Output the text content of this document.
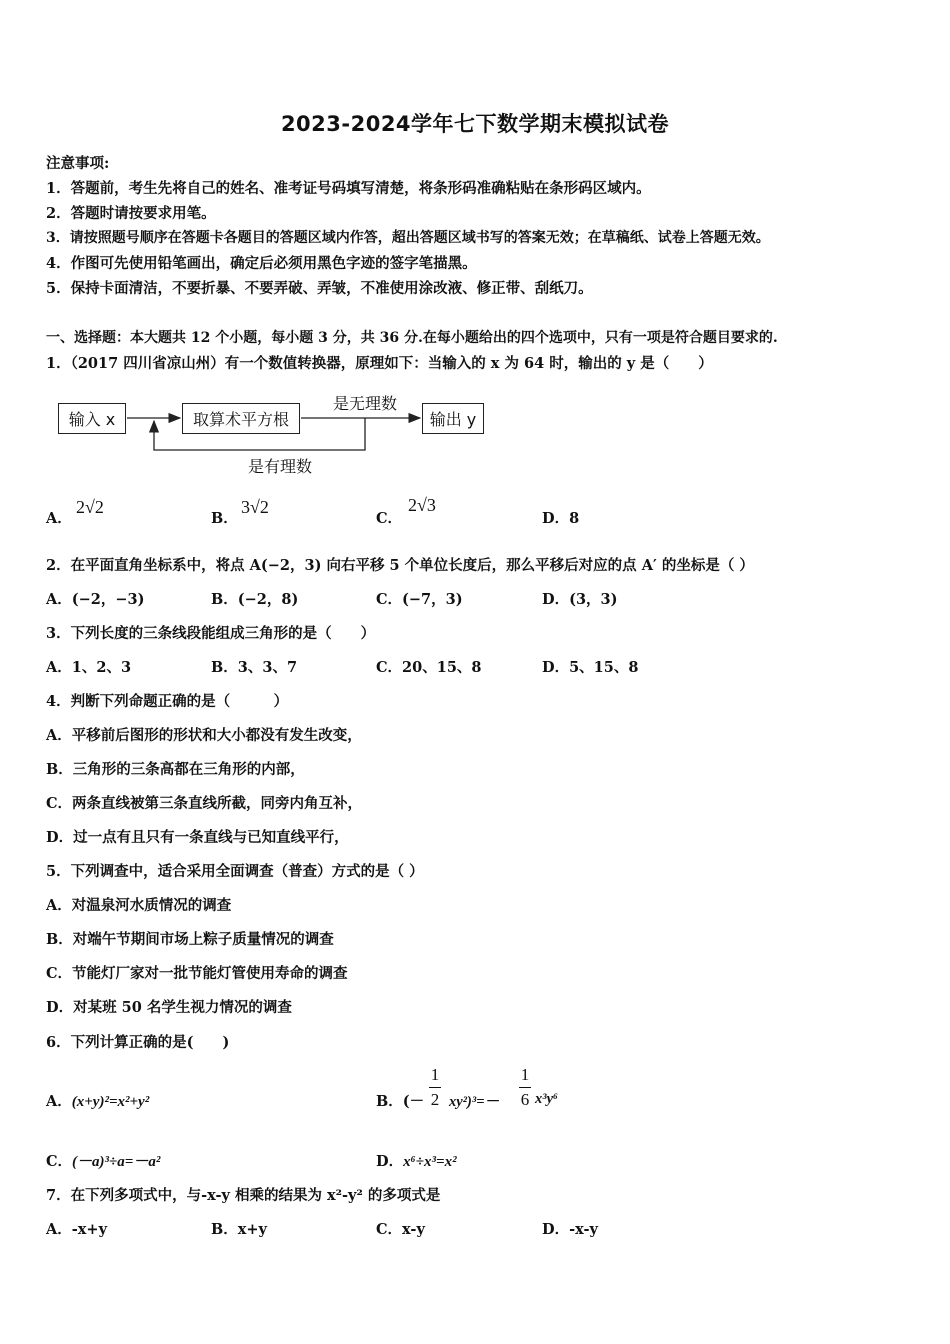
2023-2024学年七下数学期末模拟试卷
注意事项:
1．答题前，考生先将自己的姓名、准考证号码填写清楚，将条形码准确粘贴在条形码区域内。
2．答题时请按要求用笔。
3．请按照题号顺序在答题卡各题目的答题区域内作答，超出答题区域书写的答案无效；在草稿纸、试卷上答题无效。
4．作图可先使用铅笔画出，确定后必须用黑色字迹的签字笔描黑。
5．保持卡面清洁，不要折暴、不要弄破、弄皱，不准使用涂改液、修正带、刮纸刀。
一、选择题：本大题共 12 个小题，每小题 3 分，共 36 分.在每小题给出的四个选项中，只有一项是符合题目要求的.
1．（2017 四川省凉山州）有一个数值转换器，原理如下：当输入的 x 为 64 时，输出的 y 是（　　）
输入 x	取算术平方根	输出 y
是无理数
是有理数
A．
2√2
B．
3√2
C．
2√3
D．8
2．在平面直角坐标系中，将点 A(−2，3) 向右平移 5 个单位长度后，那么平移后对应的点 A′ 的坐标是（ ）
A．(−2，−3)	B．(−2，8)	C．(−7，3)	D．(3，3)
3．下列长度的三条线段能组成三角形的是（　　）
A．1、2、3	B．3、3、7	C．20、15、8	D．5、15、8
4．判断下列命题正确的是（　　　）
A．平移前后图形的形状和大小都没有发生改变，
B．三角形的三条高都在三角形的内部，
C．两条直线被第三条直线所截，同旁内角互补，
D．过一点有且只有一条直线与已知直线平行，
5．下列调查中，适合采用全面调查（普查）方式的是（ ）
A．对温泉河水质情况的调查
B．对端午节期间市场上粽子质量情况的调查
C．节能灯厂家对一批节能灯管使用寿命的调查
D．对某班 50 名学生视力情况的调查
6．下列计算正确的是(　　)
A．(x+y)²=x²+y²	B．(－
1
2 xy²)³=－
1
6 x³y⁶
C．(－a)³÷a=－a²	D．x⁶÷x³=x²
7．在下列多项式中，与-x-y 相乘的结果为 x²-y² 的多项式是
A．-x+y	B．x+y	C．x-y	D．-x-y
